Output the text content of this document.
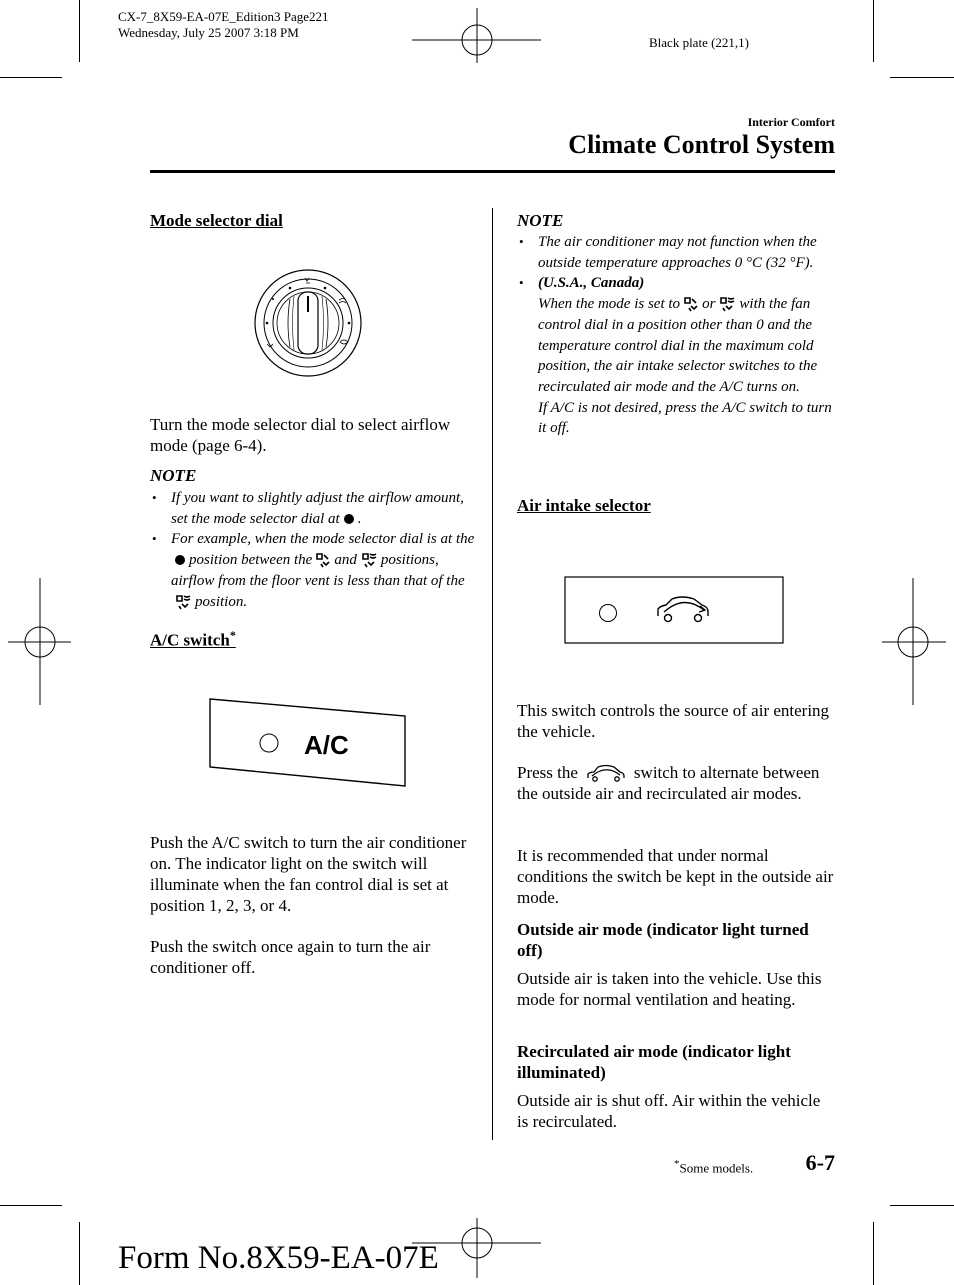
CX-7_8X59-EA-07E_Edition3 Page221
Wednesday, July 25 2007 3:18 PM
Black plate (221,1)
Interior Comfort
Climate Control System
Mode selector dial

Turn the mode selector dial to select airflow mode (page 6-4).

NOTE
• If you want to slightly adjust the airflow amount, set the mode selector dial at .
• For example, when the mode selector dial is at theposition between the and positions, airflow from the floor vent is less than that of theposition.
A/C switch*
A/C

Push the A/C switch to turn the air conditioner on. The indicator light on the switch will illuminate when the fan control dial is set at position 1, 2, 3, or 4.

Push the switch once again to turn the air conditioner off.

NOTE
• The air conditioner may not function when the outside temperature approaches 0 °C (32 °F).
• (U.S.A., Canada)
When the mode is set to or with the fan control dial in a position other than 0 and the temperature control dial in the maximum cold position, the air intake selector switches to the recirculated air mode and the A/C turns on.
If A/C is not desired, press the A/C switch to turn it off.
Air intake selector

This switch controls the source of air entering the vehicle.

Press the	switch to alternate between the outside air and recirculated air modes.

It is recommended that under normal conditions the switch be kept in the outside air mode.

Outside air mode (indicator light turned off)

Outside air is taken into the vehicle. Use this mode for normal ventilation and heating.

Recirculated air mode (indicator light illuminated)

Outside air is shut off. Air within the vehicle is recirculated.

*Some models. 6-7
Form No.8X59-EA-07E
